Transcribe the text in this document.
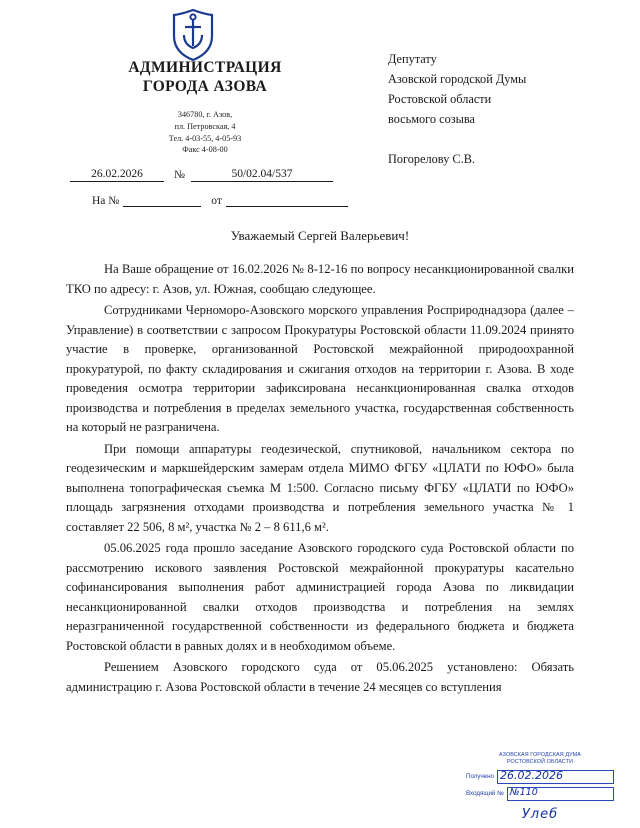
АДМИНИСТРАЦИЯ
ГОРОДА АЗОВА
346780, г. Азов,
пл. Петровская, 4
Тел. 4-03-55, 4-05-93
Факс 4-08-00
Депутату
Азовской городской Думы
Ростовской области
восьмого созыва
Погорелову С.В.
26.02.2026	№	50/02.04/537
На №	от
Уважаемый Сергей Валерьевич!

На Ваше обращение от 16.02.2026 № 8-12-16 по вопросу несанкционированной свалки ТКО по адресу: г. Азов, ул. Южная, сообщаю следующее.

Сотрудниками Черноморо-Азовского морского управления Росприроднадзора (далее – Управление) в соответствии с запросом Прокуратуры Ростовской области 11.09.2024 принято участие в проверке, организованной Ростовской межрайонной природоохранной прокуратурой, по факту складирования и сжигания отходов на территории г. Азова. В ходе проведения осмотра территории зафиксирована несанкционированная свалка отходов производства и потребления в пределах земельного участка, государственная собственность на который не разграничена.

При помощи аппаратуры геодезической, спутниковой, начальником сектора по геодезическим и маркшейдерским замерам отдела МИМО ФГБУ «ЦЛАТИ по ЮФО» была выполнена топографическая съемка М 1:500. Согласно письму ФГБУ «ЦЛАТИ по ЮФО» площадь загрязнения отходами производства и потребления земельного участка № 1 составляет 22 506, 8 м², участка № 2 – 8 611,6 м².

05.06.2025 года прошло заседание Азовского городского суда Ростовской области по рассмотрению искового заявления Ростовской межрайонной прокуратуры касательно софинансирования выполнения работ администрацией города Азова по ликвидации несанкционированной свалки отходов производства и потребления на землях неразграниченной государственной собственности из федерального бюджета и бюджета Ростовской области в равных долях и в необходимом объеме.

Решением Азовского городского суда от 05.06.2025 установлено: Обязать администрацию г. Азова Ростовской области в течение 24 месяцев со вступления

АЗОВСКАЯ ГОРОДСКАЯ ДУМА
РОСТОВСКОЙ ОБЛАСТИ
Получено 26.02.2026
Входящий № №110
Улеб
